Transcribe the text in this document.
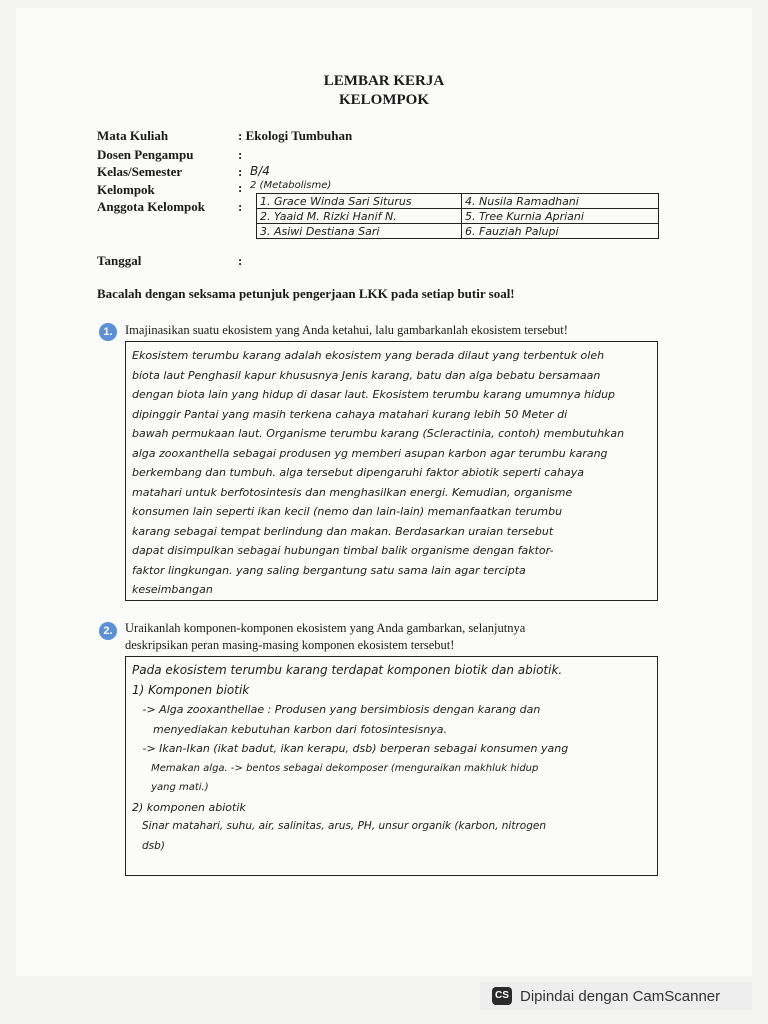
LEMBAR KERJA
KELOMPOK
Mata Kuliah	: Ekologi Tumbuhan
Dosen Pengampu	:
Kelas/Semester	: B/4
Kelompok	: 2 (Metabolisme)
Anggota Kelompok	: 1. Grace Winda Sari Siturus	4. Nusila Ramadhani
2. Yaaid M. Rizki Hanif N.	5. Tree Kurnia Apriani
3. Asiwi Destiana Sari	6. Fauziah Palupi
Tanggal	:
Bacalah dengan seksama petunjuk pengerjaan LKK pada setiap butir soal!
1. Imajinasikan suatu ekosistem yang Anda ketahui, lalu gambarkanlah ekosistem tersebut!

Ekosistem terumbu karang adalah ekosistem yang berada dilaut yang terbentuk oleh

biota laut Penghasil kapur khususnya Jenis karang, batu dan alga bebatu bersamaan

dengan biota lain yang hidup di dasar laut. Ekosistem terumbu karang umumnya hidup

dipinggir Pantai yang masih terkena cahaya matahari kurang lebih 50 Meter di

bawah permukaan laut. Organisme terumbu karang (Scleractinia, contoh) membutuhkan

alga zooxanthella sebagai produsen yg memberi asupan karbon agar terumbu karang

berkembang dan tumbuh. alga tersebut dipengaruhi faktor abiotik seperti cahaya

matahari untuk berfotosintesis dan menghasilkan energi. Kemudian, organisme

konsumen lain seperti ikan kecil (nemo dan lain-lain) memanfaatkan terumbu

karang sebagai tempat berlindung dan makan. Berdasarkan uraian tersebut

dapat disimpulkan sebagai hubungan timbal balik organisme dengan faktor-

faktor lingkungan. yang saling bergantung satu sama lain agar tercipta

keseimbangan

2. Uraikanlah komponen-komponen ekosistem yang Anda gambarkan, selanjutnya
deskripsikan peran masing-masing komponen ekosistem tersebut!

Pada ekosistem terumbu karang terdapat komponen biotik dan abiotik.

1) Komponen biotik

-> Alga zooxanthellae : Produsen yang bersimbiosis dengan karang dan

menyediakan kebutuhan karbon dari fotosintesisnya.

-> Ikan-Ikan (ikat badut, ikan kerapu, dsb) berperan sebagai konsumen yang

Memakan alga. -> bentos sebagai dekomposer (menguraikan makhluk hidup

yang mati.)

2) komponen abiotik

Sinar matahari, suhu, air, salinitas, arus, PH, unsur organik (karbon, nitrogen

dsb)

CS Dipindai dengan CamScanner
